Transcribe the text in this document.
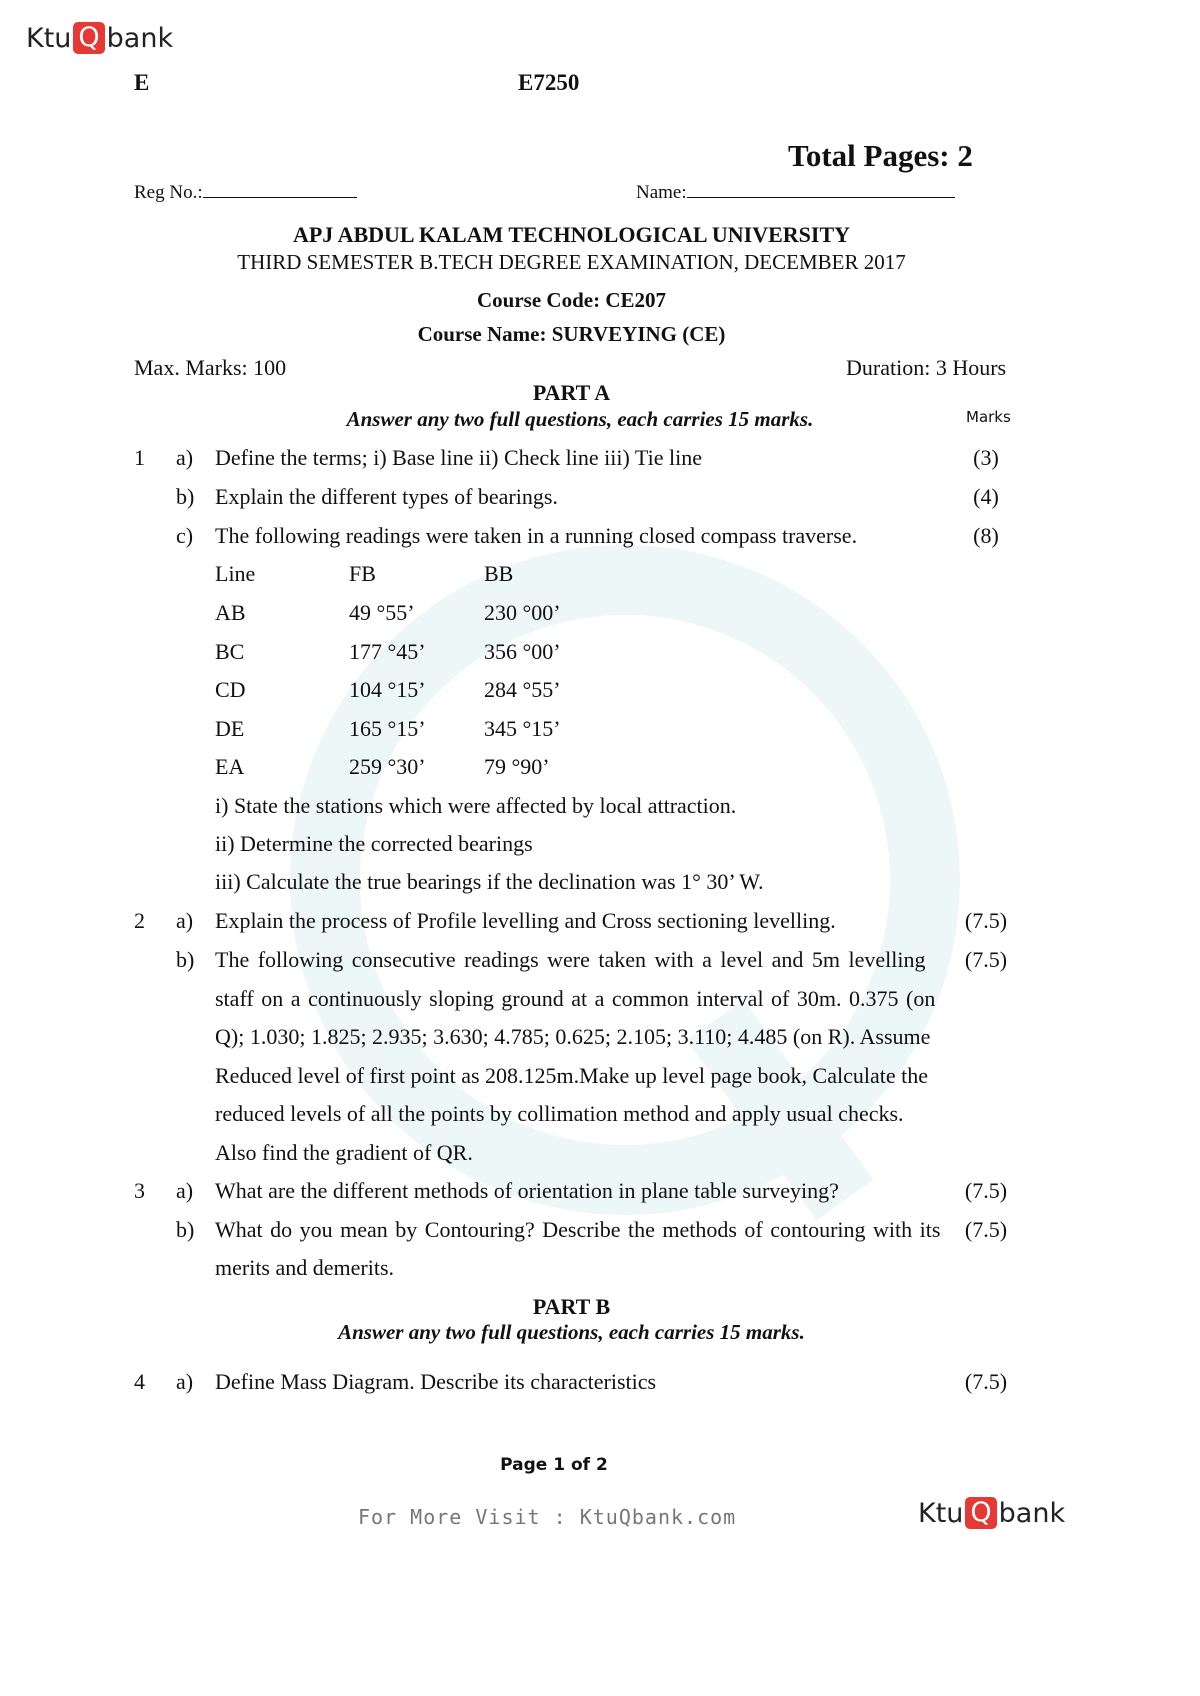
Ktu Q bank
E	E7250
Total Pages: 2
Reg No.:	Name:
APJ ABDUL KALAM TECHNOLOGICAL UNIVERSITY
THIRD SEMESTER B.TECH DEGREE EXAMINATION, DECEMBER 2017
Course Code: CE207
Course Name: SURVEYING (CE)
Max. Marks: 100	Duration: 3 Hours
PART A
Answer any two full questions, each carries 15 marks.	Marks
1 a) Define the terms; i) Base line ii) Check line iii) Tie line	(3)
b) Explain the different types of bearings.	(4)
c) The following readings were taken in a running closed compass traverse.	(8)
Line	FB	BB
AB	49 °55’	230 °00’
BC	177 °45’	356 °00’
CD	104 °15’	284 °55’
DE	165 °15’	345 °15’
EA	259 °30’	79 °90’
i) State the stations which were affected by local attraction.
ii) Determine the corrected bearings
iii) Calculate the true bearings if the declination was 1° 30’ W.
2 a) Explain the process of Profile levelling and Cross sectioning levelling.	(7.5)
b)	(7.5)
The following consecutive readings were taken with a level and 5m levelling
staff on a continuously sloping ground at a common interval of 30m. 0.375 (on
Q); 1.030; 1.825; 2.935; 3.630; 4.785; 0.625; 2.105; 3.110; 4.485 (on R). Assume
Reduced level of first point as 208.125m.Make up level page book, Calculate the
reduced levels of all the points by collimation method and apply usual checks.
Also find the gradient of QR.
3 a) What are the different methods of orientation in plane table surveying?	(7.5)
b) What do you mean by Contouring? Describe the methods of contouring with its
merits and demerits.
(7.5)
PART B
Answer any two full questions, each carries 15 marks.
4 a) Define Mass Diagram. Describe its characteristics	(7.5)
Page 1 of 2
For More Visit : KtuQbank.com	Ktu Q bank
